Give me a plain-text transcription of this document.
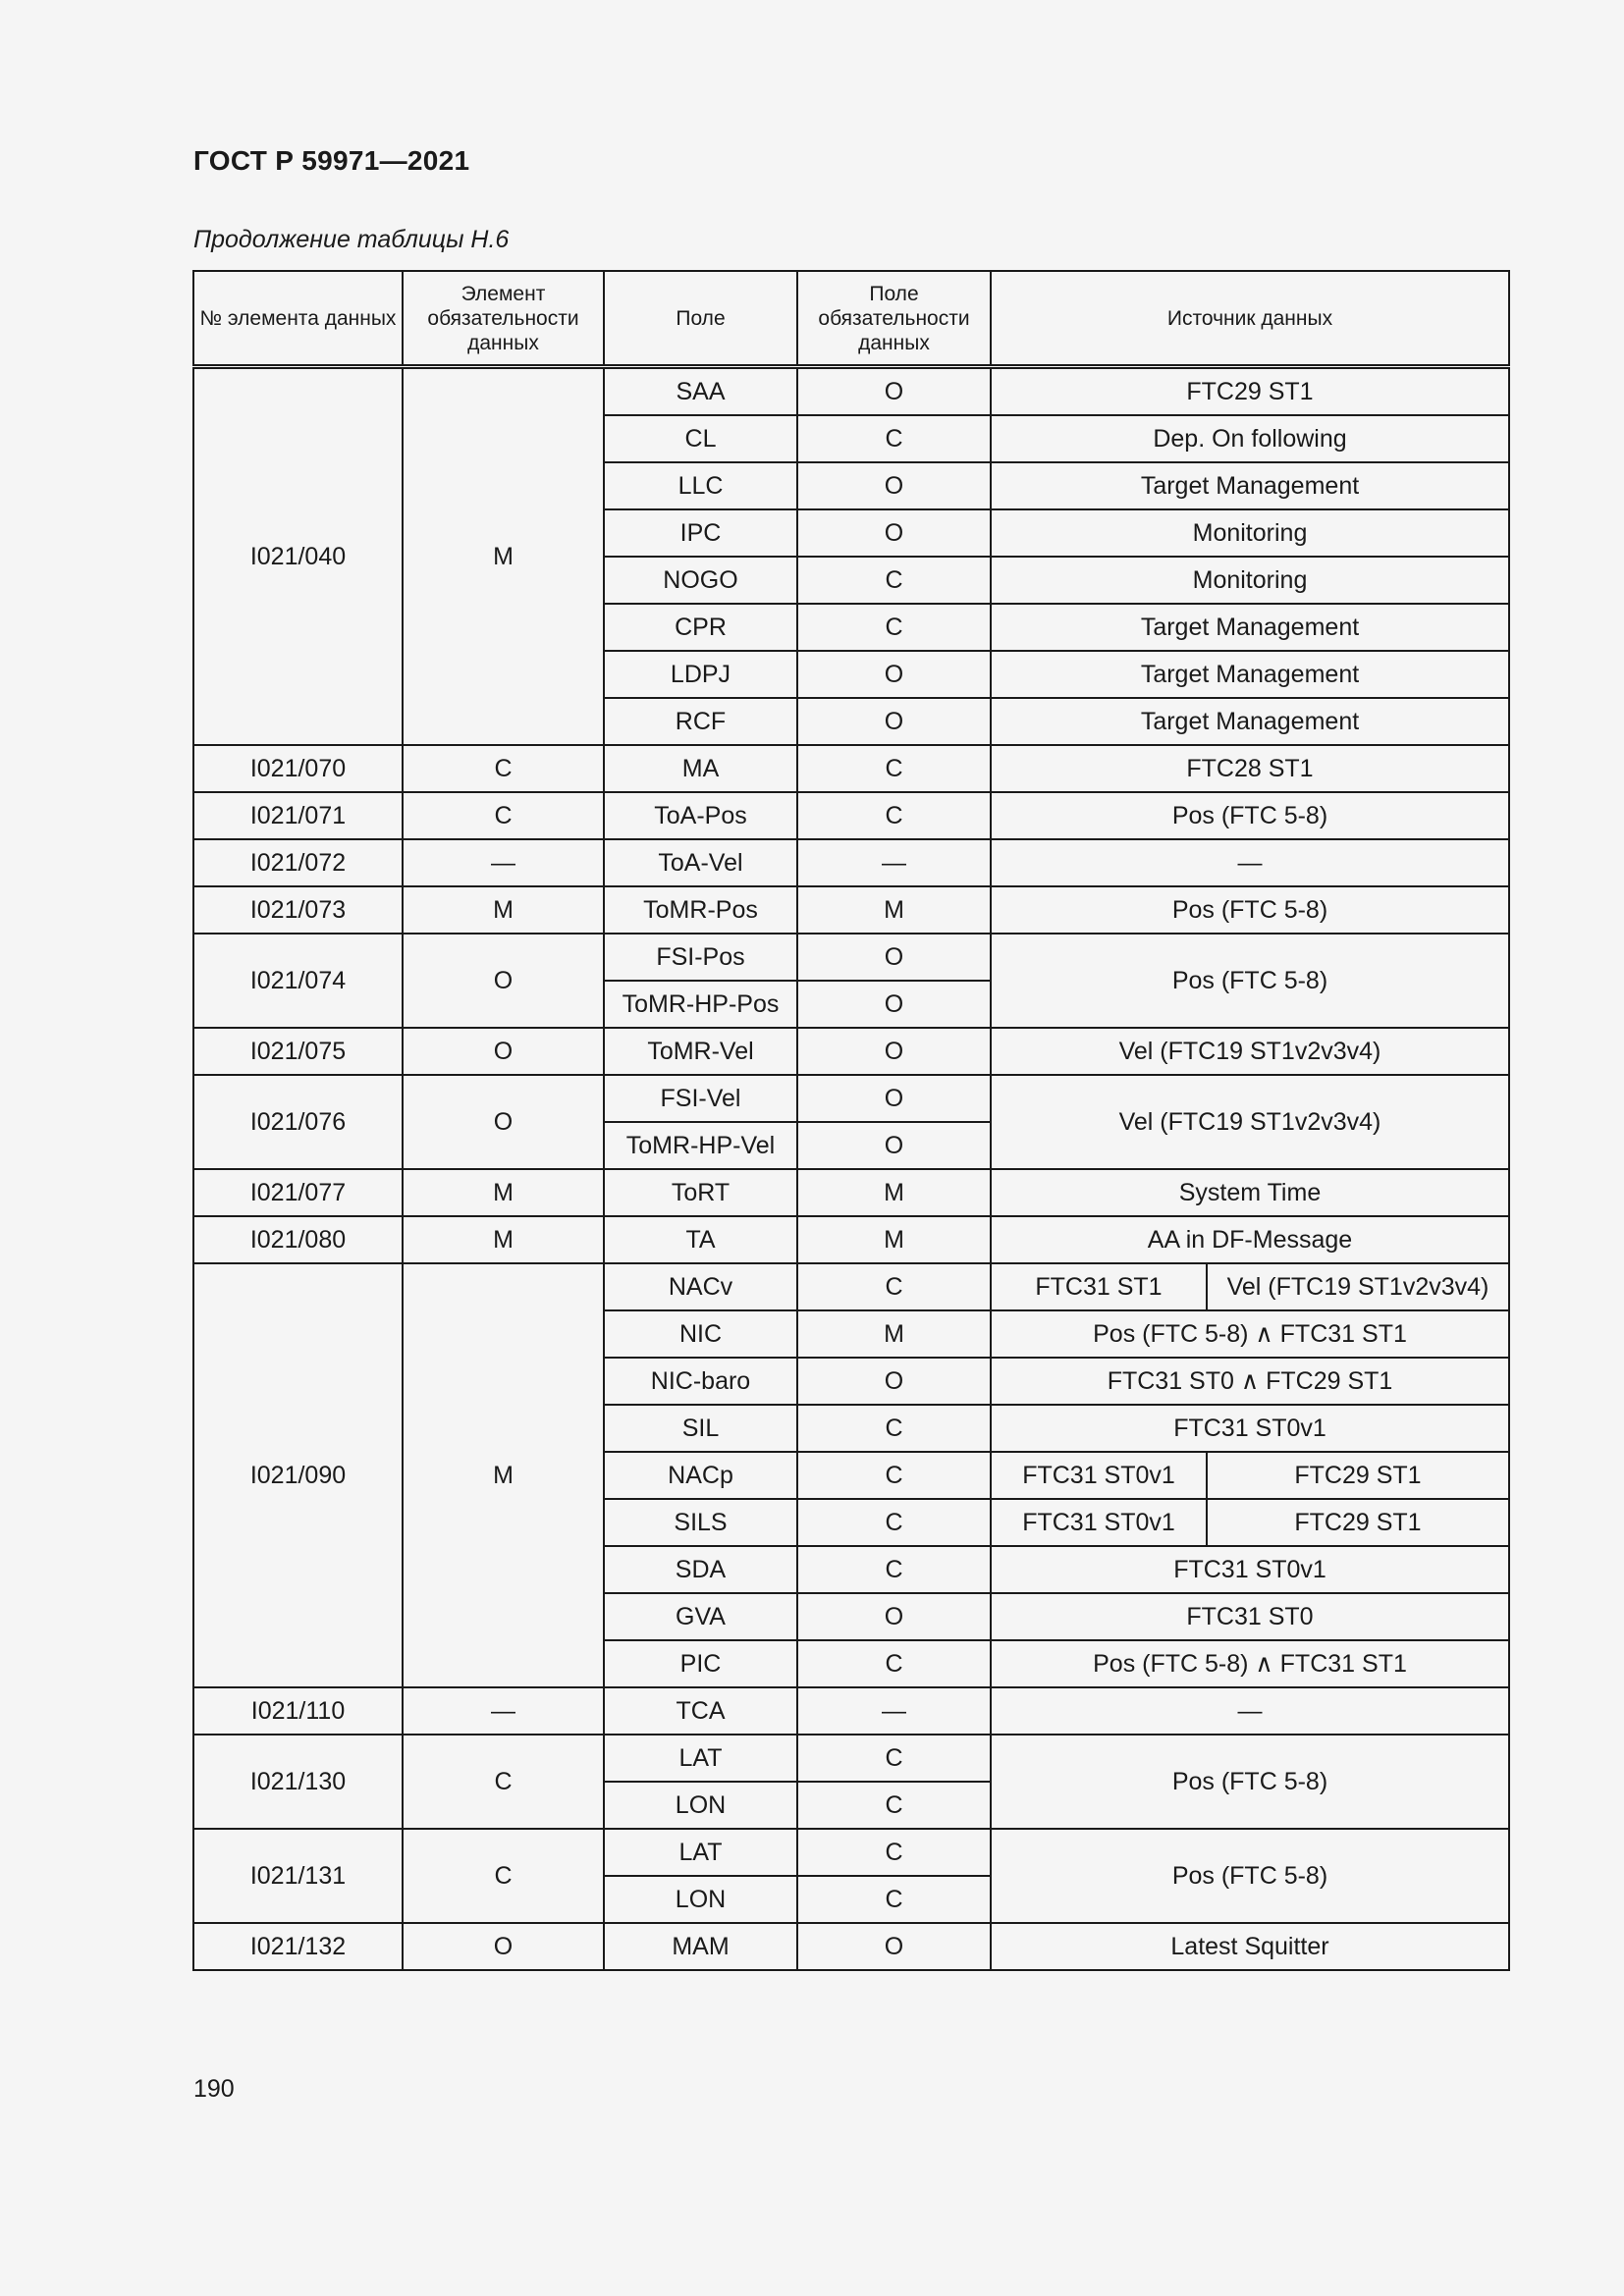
ГОСТ Р 59971—2021
Продолжение таблицы Н.6
№ элемента данных	Элемент обязательности данных	Поле	Поле обязательности данных	Источник данных	
I021/040	M	SAA	O	FTC29 ST1	
		CL	C	Dep. On following	
		LLC	O	Target Management	
		IPC	O	Monitoring	
		NOGO	C	Monitoring	
		CPR	C	Target Management	
		LDPJ	O	Target Management	
		RCF	O	Target Management	
I021/070	C	MA	C	FTC28 ST1	
I021/071	C	ToA-Pos	C	Pos (FTC 5-8)	
I021/072	—	ToA-Vel	—	—	
I021/073	M	ToMR-Pos	M	Pos (FTC 5-8)	
I021/074	O	FSI-Pos	O	Pos (FTC 5-8)	
		ToMR-HP-Pos	O		
I021/075	O	ToMR-Vel	O	Vel (FTC19 ST1v2v3v4)	
I021/076	O	FSI-Vel	O	Vel (FTC19 ST1v2v3v4)	
		ToMR-HP-Vel	O		
I021/077	M	ToRT	M	System Time	
I021/080	M	TA	M	AA in DF-Message	
I021/090	M	NACv	C	FTC31 ST1	Vel (FTC19 ST1v2v3v4)
		NIC	M	Pos (FTC 5-8) ∧ FTC31 ST1	
		NIC-baro	O	FTC31 ST0 ∧ FTC29 ST1	
		SIL	C	FTC31 ST0v1	
		NACp	C	FTC31 ST0v1	FTC29 ST1
		SILS	C	FTC31 ST0v1	FTC29 ST1
		SDA	C	FTC31 ST0v1	
		GVA	O	FTC31 ST0	
		PIC	C	Pos (FTC 5-8) ∧ FTC31 ST1	
I021/110	—	TCA	—	—	
I021/130	C	LAT	C	Pos (FTC 5-8)	
		LON	C		
I021/131	C	LAT	C	Pos (FTC 5-8)	
		LON	C		
I021/132	O	MAM	O	Latest Squitter	
190
